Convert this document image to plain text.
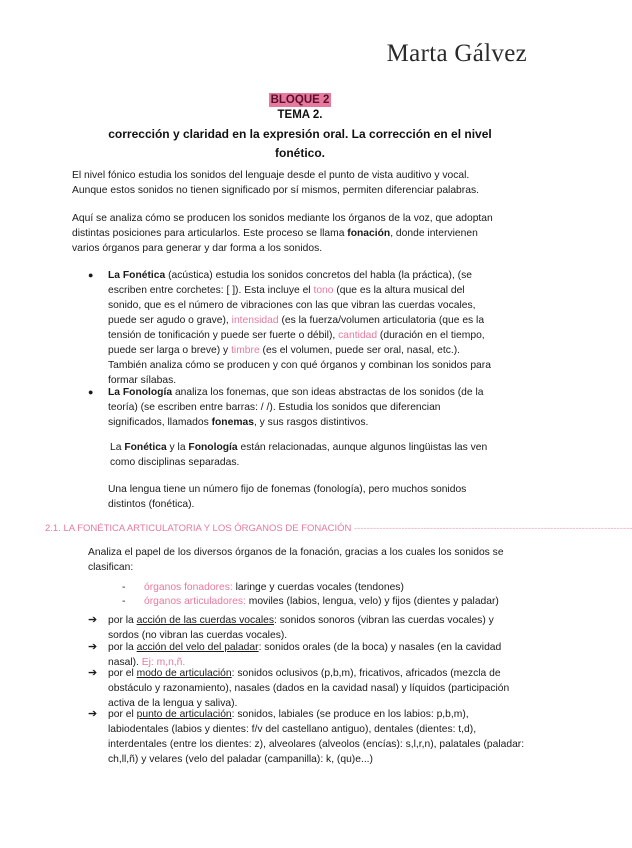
Marta Gálvez
BLOQUE 2
TEMA 2.
corrección y claridad en la expresión oral. La corrección en el nivel
fonético.
El nivel fónico estudia los sonidos del lenguaje desde el punto de vista auditivo y vocal.
Aunque estos sonidos no tienen significado por sí mismos, permiten diferenciar palabras.
Aquí se analiza cómo se producen los sonidos mediante los órganos de la voz, que adoptan
distintas posiciones para articularlos. Este proceso se llama fonación, donde intervienen
varios órganos para generar y dar forma a los sonidos.
● La Fonética (acústica) estudia los sonidos concretos del habla (la práctica), (se
escriben entre corchetes: [ ]). Esta incluye el tono (que es la altura musical del
sonido, que es el número de vibraciones con las que vibran las cuerdas vocales,
puede ser agudo o grave), intensidad (es la fuerza/volumen articulatoria (que es la
tensión de tonificación y puede ser fuerte o débil), cantidad (duración en el tiempo,
puede ser larga o breve) y timbre (es el volumen, puede ser oral, nasal, etc.).
También analiza cómo se producen y con qué órganos y combinan los sonidos para
formar sílabas.
● La Fonología analiza los fonemas, que son ideas abstractas de los sonidos (de la
teoría) (se escriben entre barras: / /). Estudia los sonidos que diferencian
significados, llamados fonemas, y sus rasgos distintivos.
La Fonética y la Fonología están relacionadas, aunque algunos lingüistas las ven
como disciplinas separadas.
Una lengua tiene un número fijo de fonemas (fonología), pero muchos sonidos
distintos (fonética).
2.1. LA FONÉTICA ARTICULATORIA Y LOS ÓRGANOS DE FONACIÓN ----------------------------------------------------------------------------------------
Analiza el papel de los diversos órganos de la fonación, gracias a los cuales los sonidos se
clasifican:
- órganos fonadores: laringe y cuerdas vocales (tendones)
- órganos articuladores: moviles (labios, lengua, velo) y fijos (dientes y paladar)
➔ por la acción de las cuerdas vocales: sonidos sonoros (vibran las cuerdas vocales) y
sordos (no vibran las cuerdas vocales).
➔ por la acción del velo del paladar: sonidos orales (de la boca) y nasales (en la cavidad
nasal). Ej: m,n,ñ.
➔ por el modo de articulación: sonidos oclusivos (p,b,m), fricativos, africados (mezcla de
obstáculo y razonamiento), nasales (dados en la cavidad nasal) y líquidos (participación
activa de la lengua y saliva).
➔ por el punto de articulación: sonidos, labiales (se produce en los labios: p,b,m),
labiodentales (labios y dientes: f/v del castellano antiguo), dentales (dientes: t,d),
interdentales (entre los dientes: z), alveolares (alveolos (encías): s,l,r,n), palatales (paladar:
ch,ll,ñ) y velares (velo del paladar (campanilla): k, (qu)e...)
